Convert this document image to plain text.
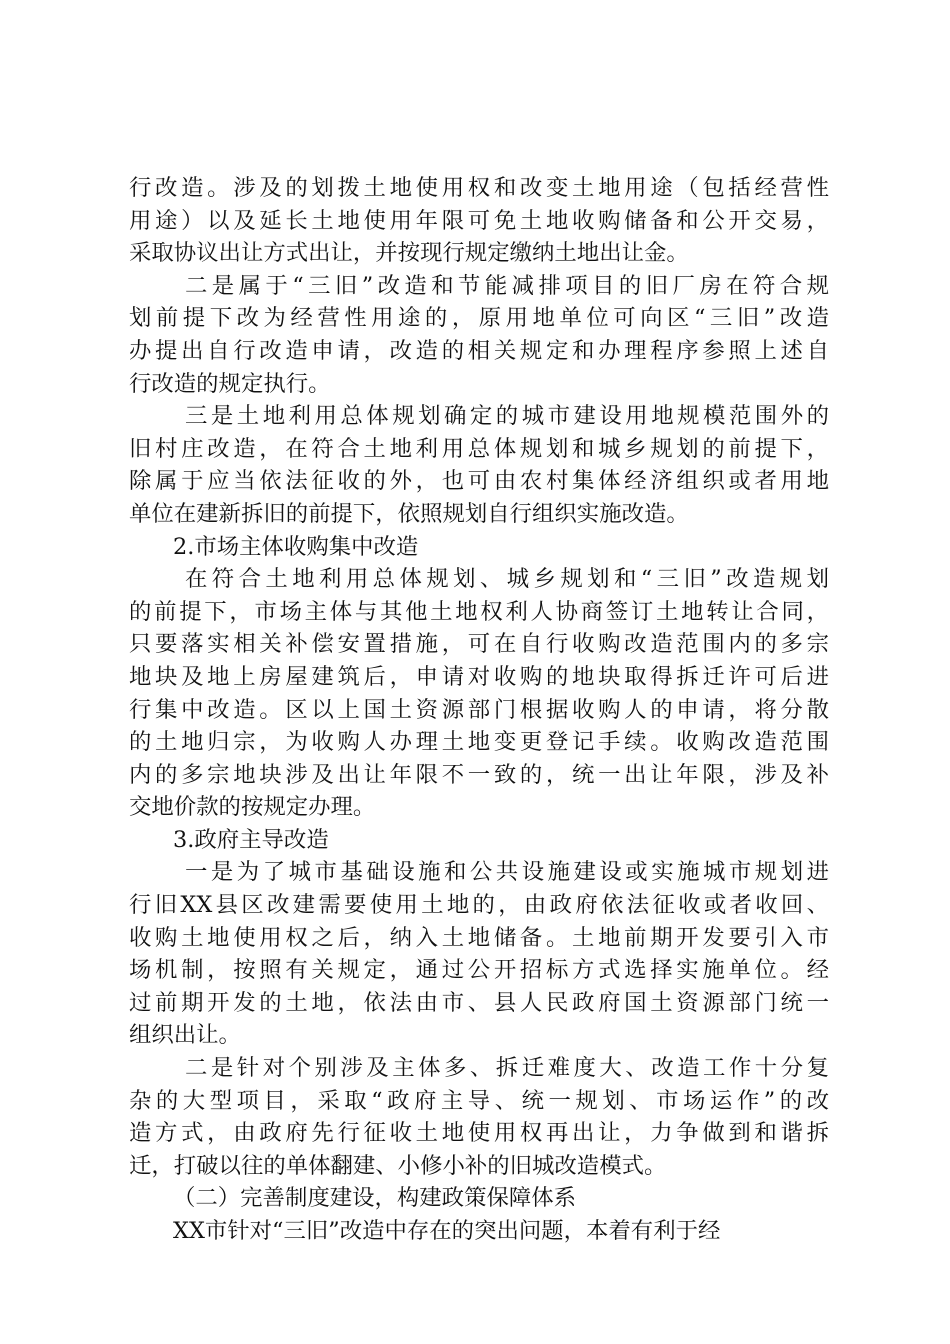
行改造。涉及的划拨土地使用权和改变土地用途（包括经营性
用途）以及延长土地使用年限可免土地收购储备和公开交易，
采取协议出让方式出让，并按现行规定缴纳土地出让金。
二是属于“三旧”改造和节能减排项目的旧厂房在符合规
划前提下改为经营性用途的，原用地单位可向区“三旧”改造
办提出自行改造申请，改造的相关规定和办理程序参照上述自
行改造的规定执行。
三是土地利用总体规划确定的城市建设用地规模范围外的
旧村庄改造，在符合土地利用总体规划和城乡规划的前提下，
除属于应当依法征收的外，也可由农村集体经济组织或者用地
单位在建新拆旧的前提下，依照规划自行组织实施改造。
2.市场主体收购集中改造
在符合土地利用总体规划、城乡规划和“三旧”改造规划
的前提下，市场主体与其他土地权利人协商签订土地转让合同，
只要落实相关补偿安置措施，可在自行收购改造范围内的多宗
地块及地上房屋建筑后，申请对收购的地块取得拆迁许可后进
行集中改造。区以上国土资源部门根据收购人的申请，将分散
的土地归宗，为收购人办理土地变更登记手续。收购改造范围
内的多宗地块涉及出让年限不一致的，统一出让年限，涉及补
交地价款的按规定办理。
3.政府主导改造
一是为了城市基础设施和公共设施建设或实施城市规划进
行旧XX县区改建需要使用土地的，由政府依法征收或者收回、
收购土地使用权之后，纳入土地储备。土地前期开发要引入市
场机制，按照有关规定，通过公开招标方式选择实施单位。经
过前期开发的土地，依法由市、县人民政府国土资源部门统一
组织出让。
二是针对个别涉及主体多、拆迁难度大、改造工作十分复
杂的大型项目，采取“政府主导、统一规划、市场运作”的改
造方式，由政府先行征收土地使用权再出让，力争做到和谐拆
迁，打破以往的单体翻建、小修小补的旧城改造模式。
（二）完善制度建设，构建政策保障体系
XX市针对“三旧”改造中存在的突出问题，本着有利于经
